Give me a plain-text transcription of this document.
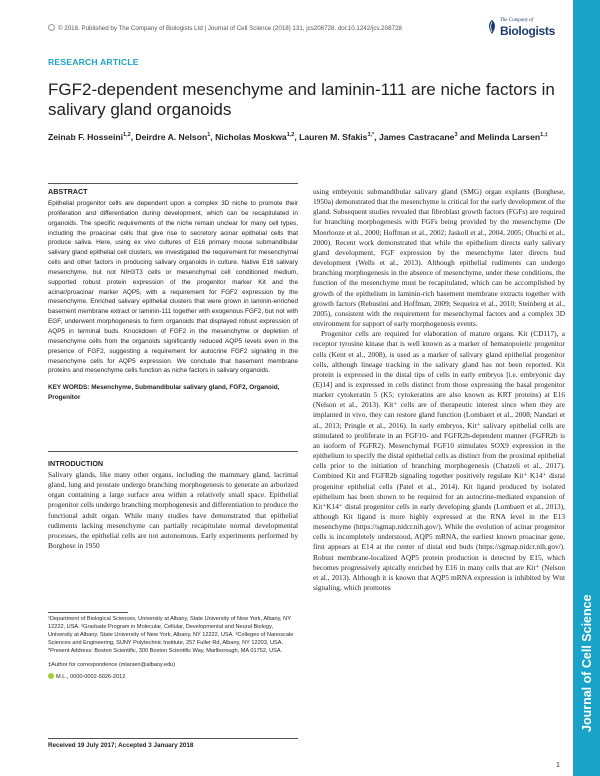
© 2018. Published by The Company of Biologists Ltd | Journal of Cell Science (2018) 131, jcs208728. doi:10.1242/jcs.208728
The Company of
Biologists
Journal of Cell Science
RESEARCH ARTICLE
FGF2-dependent mesenchyme and laminin-111 are niche factors in salivary gland organoids
Zeinab F. Hosseini$^{1,2}$, Deirdre A. Nelson$^1$, Nicholas Moskwa$^{1,2}$, Lauren M. Sfakis$^{3,*}$, James Castracane$^3$ and Melinda Larsen$^{1,\ddagger}$
ABSTRACT
Epithelial progenitor cells are dependent upon a complex 3D niche to promote their proliferation and differentiation during development, which can be recapitulated in organoids. The specific requirements of the niche remain unclear for many cell types, including the proacinar cells that give rise to secretory acinar epithelial cells that produce saliva. Here, using ex vivo cultures of E16 primary mouse submandibular salivary gland epithelial cell clusters, we investigated the requirement for mesenchymal cells and other factors in producing salivary organoids in culture. Native E16 salivary mesenchyme, but not NIH3T3 cells or mesenchymal cell conditioned medium, supported robust protein expression of the progenitor marker Kit and the acinar/proacinar marker AQP5, with a requirement for FGF2 expression by the mesenchyme. Enriched salivary epithelial clusters that were grown in laminin-enriched basement membrane extract or laminin-111 together with exogenous FGF2, but not with EGF, underwent morphogenesis to form organoids that displayed robust expression of AQP5 in terminal buds. Knockdown of FGF2 in the mesenchyme or depletion of mesenchyme cells from the organoids significantly reduced AQP5 levels even in the presence of FGF2, suggesting a requirement for autocrine FGF2 signaling in the mesenchyme cells for AQP5 expression. We conclude that basement membrane proteins and mesenchyme cells function as niche factors in salivary organoids.
KEY WORDS: Mesenchyme, Submandibular salivary gland, FGF2, Organoid, Progenitor
INTRODUCTION

Salivary glands, like many other organs, including the mammary gland, lacrimal gland, lung and prostate undergo branching morphogenesis to generate an arborized organ containing a large surface area within a relatively small space. Epithelial progenitor cells undergo branching morphogenesis and differentiation to produce the functional adult organ. While many studies have demonstrated that epithelial rudiments lacking mesenchyme can partially recapitulate normal developmental processes, the epithelial cells are not autonomous. Early experiments performed by Borghese in 1950

¹Department of Biological Sciences, University at Albany, State University of New York, Albany, NY 12222, USA. ²Graduate Program in Molecular, Cellular, Developmental and Neural Biology, University at Albany, State University of New York, Albany, NY 12222, USA. ³Colleges of Nanoscale Sciences and Engineering, SUNY Polytechnic Institute, 257 Fuller Rd, Albany, NY 12203, USA.
*Present Address: Boston Scientific, 300 Boston Scientific Way, Marlborough, MA 01752, USA.
‡Author for correspondence (mlarsen@albany.edu)
M.L., 0000-0002-5026-2012
Received 19 July 2017; Accepted 3 January 2018

using embryonic submandibular salivary gland (SMG) organ explants (Borghese, 1950a) demonstrated that the mesenchyme is critical for the early development of the gland. Subsequent studies revealed that fibroblast growth factors (FGFs) are required for branching morphogenesis with FGFs being provided by the mesenchyme (De Moerlooze et al., 2000; Hoffman et al., 2002; Jaskoll et al., 2004, 2005; Ohuchi et al., 2000). Recent work demonstrated that while the epithelium directs early salivary gland development, FGF expression by the mesenchyme later directs bud development (Wells et al., 2013). Although epithelial rudiments can undergo branching morphogenesis in the absence of mesenchyme, under these conditions, the function of the mesenchyme must be recapitulated, which can be accomplished by growth of the epithelium in laminin-rich basement membrane extracts together with growth factors (Rebustini and Hoffman, 2009; Sequeira et al., 2010; Steinberg et al., 2005), consistent with the requirement for mesenchymal factors and a complex 3D environment for support of early morphogenesis events.

Progenitor cells are required for elaboration of mature organs. Kit (CD117), a receptor tyrosine kinase that is well known as a marker of hematopoietic progenitor cells (Kent et al., 2008), is used as a marker of salivary gland epithelial progenitor cells, although lineage tracking in the salivary gland has not been reported. Kit protein is expressed in the distal tips of cells in early embryos [i.e. embryonic day (E)14] and is expressed in cells distinct from those expressing the basal progenitor marker cytokeratin 5 (K5; cytokeratins are also known as KRT proteins) at E16 (Nelson et al., 2013). Kit⁺ cells are of therapeutic interest since when they are implanted in vivo, they can restore gland function (Lombaert et al., 2008; Nandari et al., 2013; Pringle et al., 2016). In early embryos, Kit⁺ salivary epithelial cells are stimulated to proliferate in an FGF10- and FGFR2b-dependent manner (FGFR2b is an isoform of FGFR2). Mesenchymal FGF10 stimulates SOX9 expression in the epithelium to specify the distal epithelial cells as distinct from the proximal epithelial cells prior to the initiation of branching morphogenesis (Chatzeli et al., 2017). Combined Kit and FGFR2b signaling together positively regulate Kit⁺ K14⁺ distal progenitor epithelial cells (Patel et al., 2014). Kit ligand produced by isolated epithelium has been shown to be required for an autocrine-mediated expansion of Kit⁺K14⁺ distal progenitor cells in early developing glands (Lombaert et al., 2013), although Kit ligand is more highly expressed at the RNA level in the E13 mesenchyme (https://sgmap.nidcr.nih.gov/). While the evolution of acinar progenitor cells is incompletely understood, AQP5 mRNA, the earliest known proacinar gene, first appears at E14 at the center of distal end buds (https://sgmap.nidcr.nih.gov/). Robust membrane-localized AQP5 protein production is detected by E15, which becomes progressively apically enriched by E16 in many cells that are Kit⁺ (Nelson et al., 2013). Although it is known that AQP5 mRNA expression is inhibited by Wnt signaling, which promotes

1
